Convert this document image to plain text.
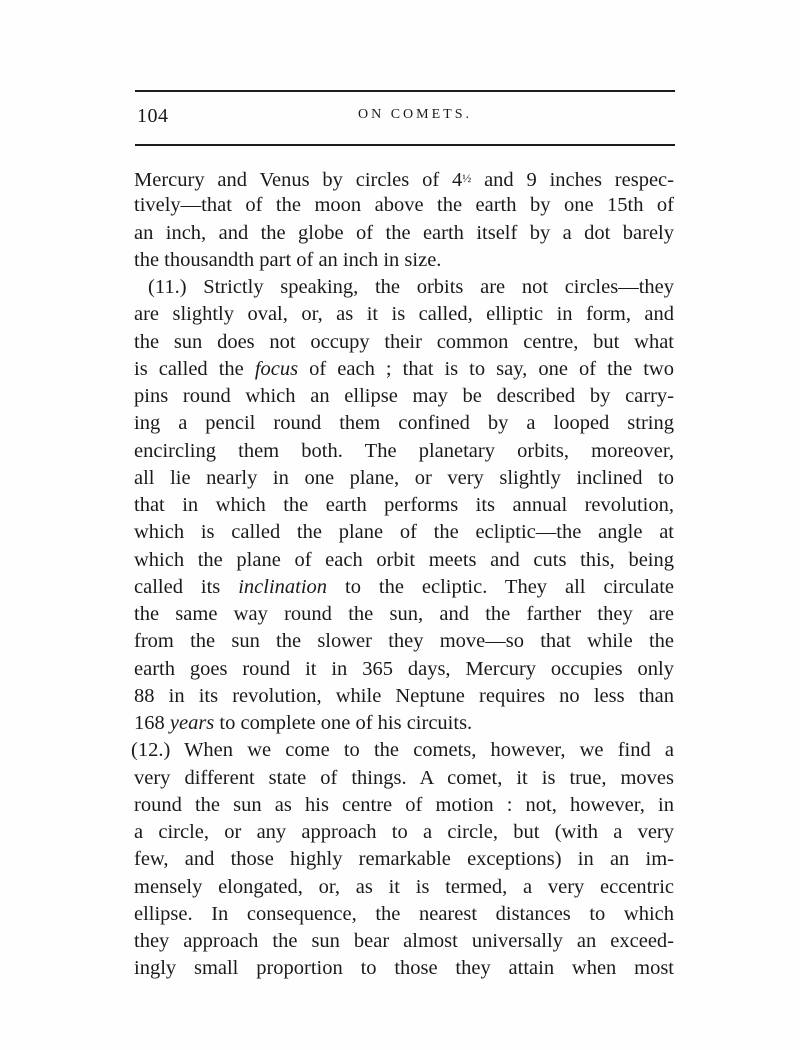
104	ON COMETS.
Mercury and Venus by circles of $4^{\frac{1}{2}}$ and 9 inches respec-
tively—that of the moon above the earth by one 15th of
an inch, and the globe of the earth itself by a dot barely
the thousandth part of an inch in size.
(11.) Strictly speaking, the orbits are not circles—they
are slightly oval, or, as it is called, elliptic in form, and
the sun does not occupy their common centre, but what
is called the focus of each ; that is to say, one of the two
pins round which an ellipse may be described by carry-
ing a pencil round them confined by a looped string
encircling them both. The planetary orbits, moreover,
all lie nearly in one plane, or very slightly inclined to
that in which the earth performs its annual revolution,
which is called the plane of the ecliptic—the angle at
which the plane of each orbit meets and cuts this, being
called its inclination to the ecliptic. They all circulate
the same way round the sun, and the farther they are
from the sun the slower they move—so that while the
earth goes round it in 365 days, Mercury occupies only
88 in its revolution, while Neptune requires no less than
168 years to complete one of his circuits.
(12.) When we come to the comets, however, we find a
very different state of things. A comet, it is true, moves
round the sun as his centre of motion : not, however, in
a circle, or any approach to a circle, but (with a very
few, and those highly remarkable exceptions) in an im-
mensely elongated, or, as it is termed, a very eccentric
ellipse. In consequence, the nearest distances to which
they approach the sun bear almost universally an exceed-
ingly small proportion to those they attain when most
